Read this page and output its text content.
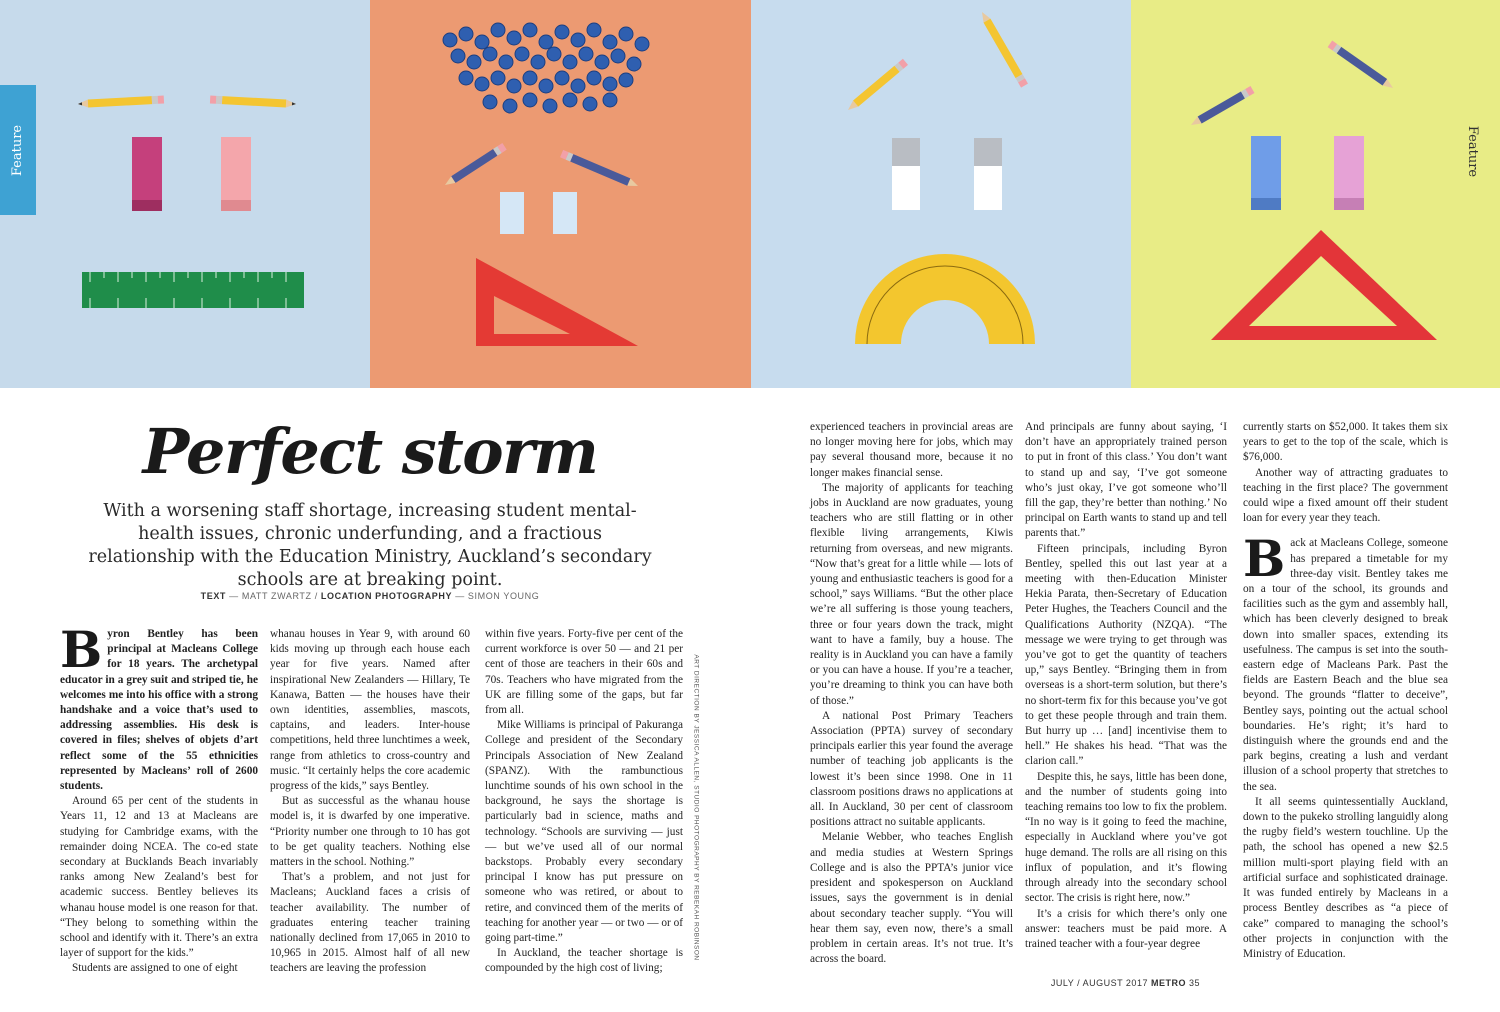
Feature	Feature
Perfect storm

With a worsening staff shortage, increasing student mental-health issues, chronic underfunding, and a fractious relationship with the Education Ministry, Auckland’s secondary schools are at breaking point.

TEXT — MATT ZWARTZ / LOCATION PHOTOGRAPHY — SIMON YOUNG

Byron Bentley has been principal at Macleans College for 18 years. The archetypal educator in a grey suit and striped tie, he welcomes me into his office with a strong handshake and a voice that’s used to addressing assemblies. His desk is covered in files; shelves of objets d’art reflect some of the 55 ethnicities represented by Macleans’ roll of 2600 students.

Around 65 per cent of the students in Years 11, 12 and 13 at Macleans are studying for Cambridge exams, with the remainder doing NCEA. The co-ed state secondary at Bucklands Beach invariably ranks among New Zealand’s best for academic success. Bentley believes its whanau house model is one reason for that. “They belong to something within the school and identify with it. There’s an extra layer of support for the kids.”

Students are assigned to one of eight

whanau houses in Year 9, with around 60 kids moving up through each house each year for five years. Named after inspirational New Zealanders — Hillary, Te Kanawa, Batten — the houses have their own identities, assemblies, mascots, captains, and leaders. Inter-house competitions, held three lunchtimes a week, range from athletics to cross-country and music. “It certainly helps the core academic progress of the kids,” says Bentley.

But as successful as the whanau house model is, it is dwarfed by one imperative. “Priority number one through to 10 has got to be get quality teachers. Nothing else matters in the school. Nothing.”

That’s a problem, and not just for Macleans; Auckland faces a crisis of teacher availability. The number of graduates entering teacher training nationally declined from 17,065 in 2010 to 10,965 in 2015. Almost half of all new teachers are leaving the profession

within five years. Forty-five per cent of the current workforce is over 50 — and 21 per cent of those are teachers in their 60s and 70s. Teachers who have migrated from the UK are filling some of the gaps, but far from all.

Mike Williams is principal of Pakuranga College and president of the Secondary Principals Association of New Zealand (SPANZ). With the rambunctious lunchtime sounds of his own school in the background, he says the shortage is particularly bad in science, maths and technology. “Schools are surviving — just — but we’ve used all of our normal backstops. Probably every secondary principal I know has put pressure on someone who was retired, or about to retire, and convinced them of the merits of teaching for another year — or two — or of going part-time.”

In Auckland, the teacher shortage is compounded by the high cost of living;

ART DIRECTION BY JESSICA ALLEN, STUDIO PHOTOGRAPHY BY REBEKAH ROBINSON

experienced teachers in provincial areas are no longer moving here for jobs, which may pay several thousand more, because it no longer makes financial sense.

The majority of applicants for teaching jobs in Auckland are now graduates, young teachers who are still flatting or in other flexible living arrangements, Kiwis returning from overseas, and new migrants. “Now that’s great for a little while — lots of young and enthusiastic teachers is good for a school,” says Williams. “But the other place we’re all suffering is those young teachers, three or four years down the track, might want to have a family, buy a house. The reality is in Auckland you can have a family or you can have a house. If you’re a teacher, you’re dreaming to think you can have both of those.”

A national Post Primary Teachers Association (PPTA) survey of secondary principals earlier this year found the average number of teaching job applicants is the lowest it’s been since 1998. One in 11 classroom positions draws no applications at all. In Auckland, 30 per cent of classroom positions attract no suitable applicants.

Melanie Webber, who teaches English and media studies at Western Springs College and is also the PPTA’s junior vice president and spokesperson on Auckland issues, says the government is in denial about secondary teacher supply. “You will hear them say, even now, there’s a small problem in certain areas. It’s not true. It’s across the board.

And principals are funny about saying, ‘I don’t have an appropriately trained person to put in front of this class.’ You don’t want to stand up and say, ‘I’ve got someone who’s just okay, I’ve got someone who’ll fill the gap, they’re better than nothing.’ No principal on Earth wants to stand up and tell parents that.”

Fifteen principals, including Byron Bentley, spelled this out last year at a meeting with then-Education Minister Hekia Parata, then-Secretary of Education Peter Hughes, the Teachers Council and the Qualifications Authority (NZQA). “The message we were trying to get through was you’ve got to get the quantity of teachers up,” says Bentley. “Bringing them in from overseas is a short-term solution, but there’s no short-term fix for this because you’ve got to get these people through and train them. But hurry up … [and] incentivise them to hell.” He shakes his head. “That was the clarion call.”

Despite this, he says, little has been done, and the number of students going into teaching remains too low to fix the problem. “In no way is it going to feed the machine, especially in Auckland where you’ve got huge demand. The rolls are all rising on this influx of population, and it’s flowing through already into the secondary school sector. The crisis is right here, now.”

It’s a crisis for which there’s only one answer: teachers must be paid more. A trained teacher with a four-year degree

currently starts on $52,000. It takes them six years to get to the top of the scale, which is $76,000.

Another way of attracting graduates to teaching in the first place? The government could wipe a fixed amount off their student loan for every year they teach.

Back at Macleans College, someone has prepared a timetable for my three-day visit. Bentley takes me on a tour of the school, its grounds and facilities such as the gym and assembly hall, which has been cleverly designed to break down into smaller spaces, extending its usefulness. The campus is set into the south-eastern edge of Macleans Park. Past the fields are Eastern Beach and the blue sea beyond. The grounds “flatter to deceive”, Bentley says, pointing out the actual school boundaries. He’s right; it’s hard to distinguish where the grounds end and the park begins, creating a lush and verdant illusion of a school property that stretches to the sea.

It all seems quintessentially Auckland, down to the pukeko strolling languidly along the rugby field’s western touchline. Up the path, the school has opened a new $2.5 million multi-sport playing field with an artificial surface and sophisticated drainage. It was funded entirely by Macleans in a process Bentley describes as “a piece of cake” compared to managing the school’s other projects in conjunction with the Ministry of Education.

JULY / AUGUST 2017 METRO 35
